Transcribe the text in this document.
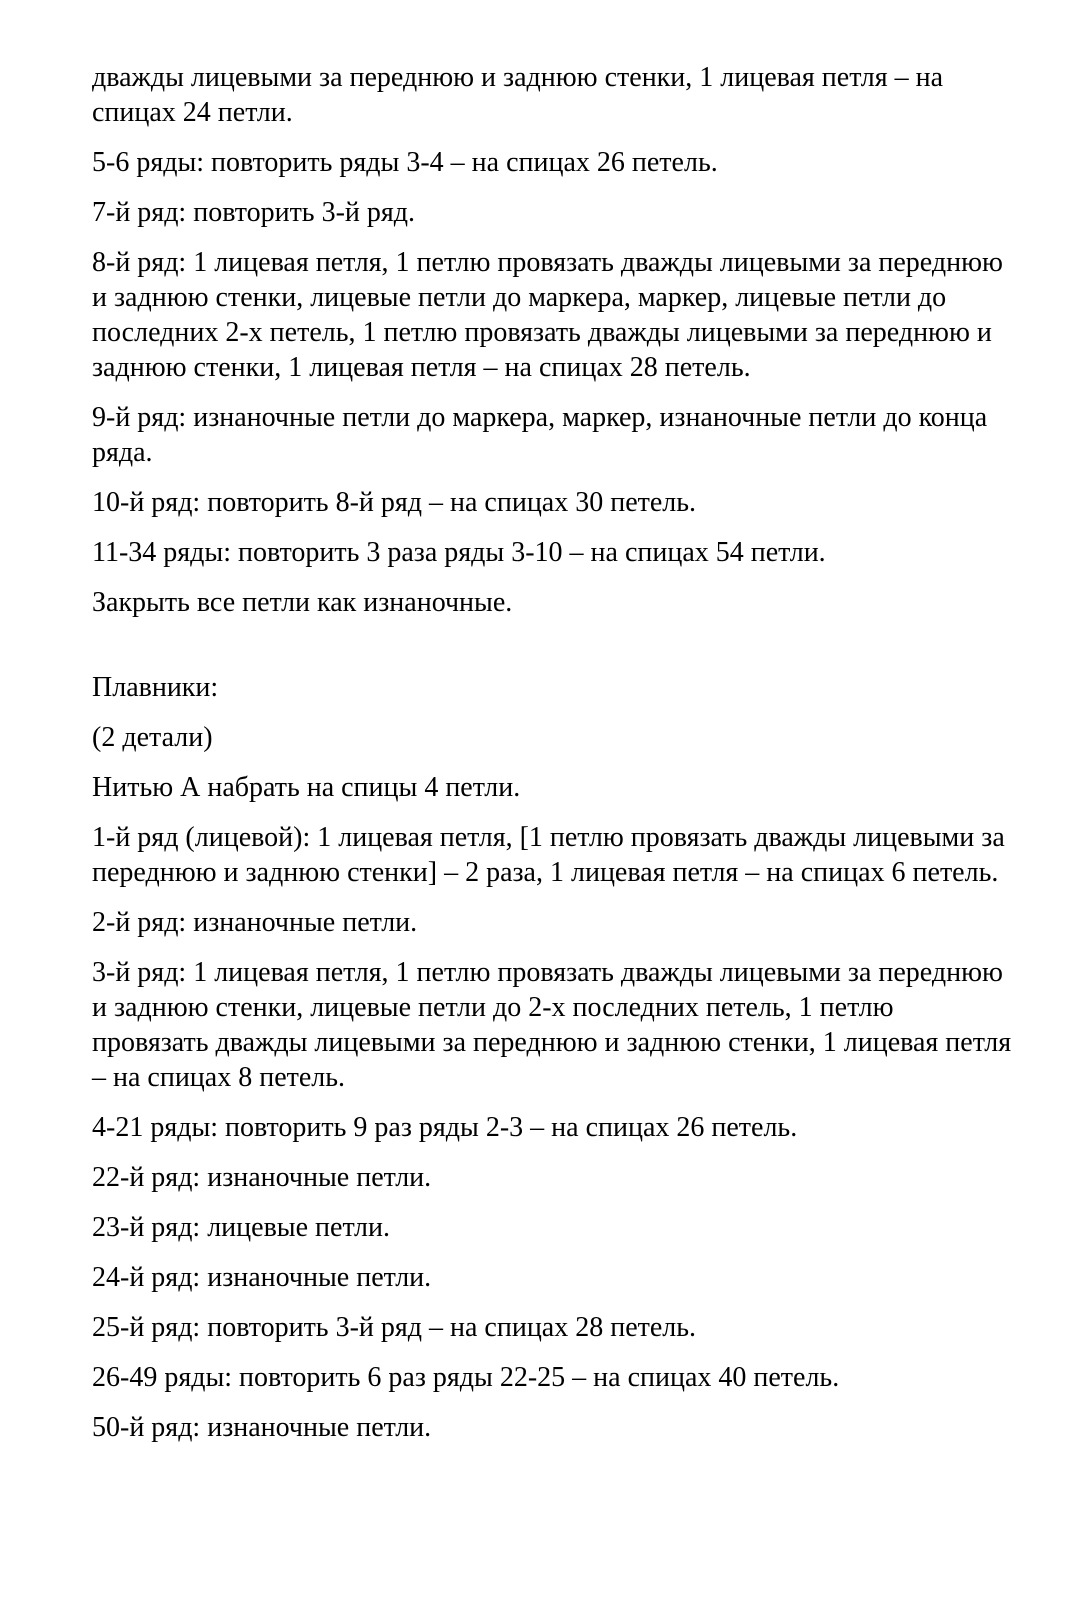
дважды лицевыми за переднюю и заднюю стенки, 1 лицевая петля – на спицах 24 петли.

5-6 ряды: повторить ряды 3-4 – на спицах 26 петель.

7-й ряд: повторить 3-й ряд.

8-й ряд: 1 лицевая петля, 1 петлю провязать дважды лицевыми за переднюю и заднюю стенки, лицевые петли до маркера, маркер, лицевые петли до последних 2-х петель, 1 петлю провязать дважды лицевыми за переднюю и заднюю стенки, 1 лицевая петля – на спицах 28 петель.

9-й ряд: изнаночные петли до маркера, маркер, изнаночные петли до конца ряда.

10-й ряд: повторить 8-й ряд – на спицах 30 петель.

11-34 ряды: повторить 3 раза ряды 3-10 – на спицах 54 петли.

Закрыть все петли как изнаночные.

Плавники:

(2 детали)

Нитью А набрать на спицы 4 петли.

1-й ряд (лицевой): 1 лицевая петля, [1 петлю провязать дважды лицевыми за переднюю и заднюю стенки] – 2 раза, 1 лицевая петля – на спицах 6 петель.

2-й ряд: изнаночные петли.

3-й ряд: 1 лицевая петля, 1 петлю провязать дважды лицевыми за переднюю и заднюю стенки, лицевые петли до 2-х последних петель, 1 петлю провязать дважды лицевыми за переднюю и заднюю стенки, 1 лицевая петля – на спицах 8 петель.

4-21 ряды: повторить 9 раз ряды 2-3 – на спицах 26 петель.

22-й ряд: изнаночные петли.

23-й ряд: лицевые петли.

24-й ряд: изнаночные петли.

25-й ряд: повторить 3-й ряд – на спицах 28 петель.

26-49 ряды: повторить 6 раз ряды 22-25 – на спицах 40 петель.

50-й ряд: изнаночные петли.
